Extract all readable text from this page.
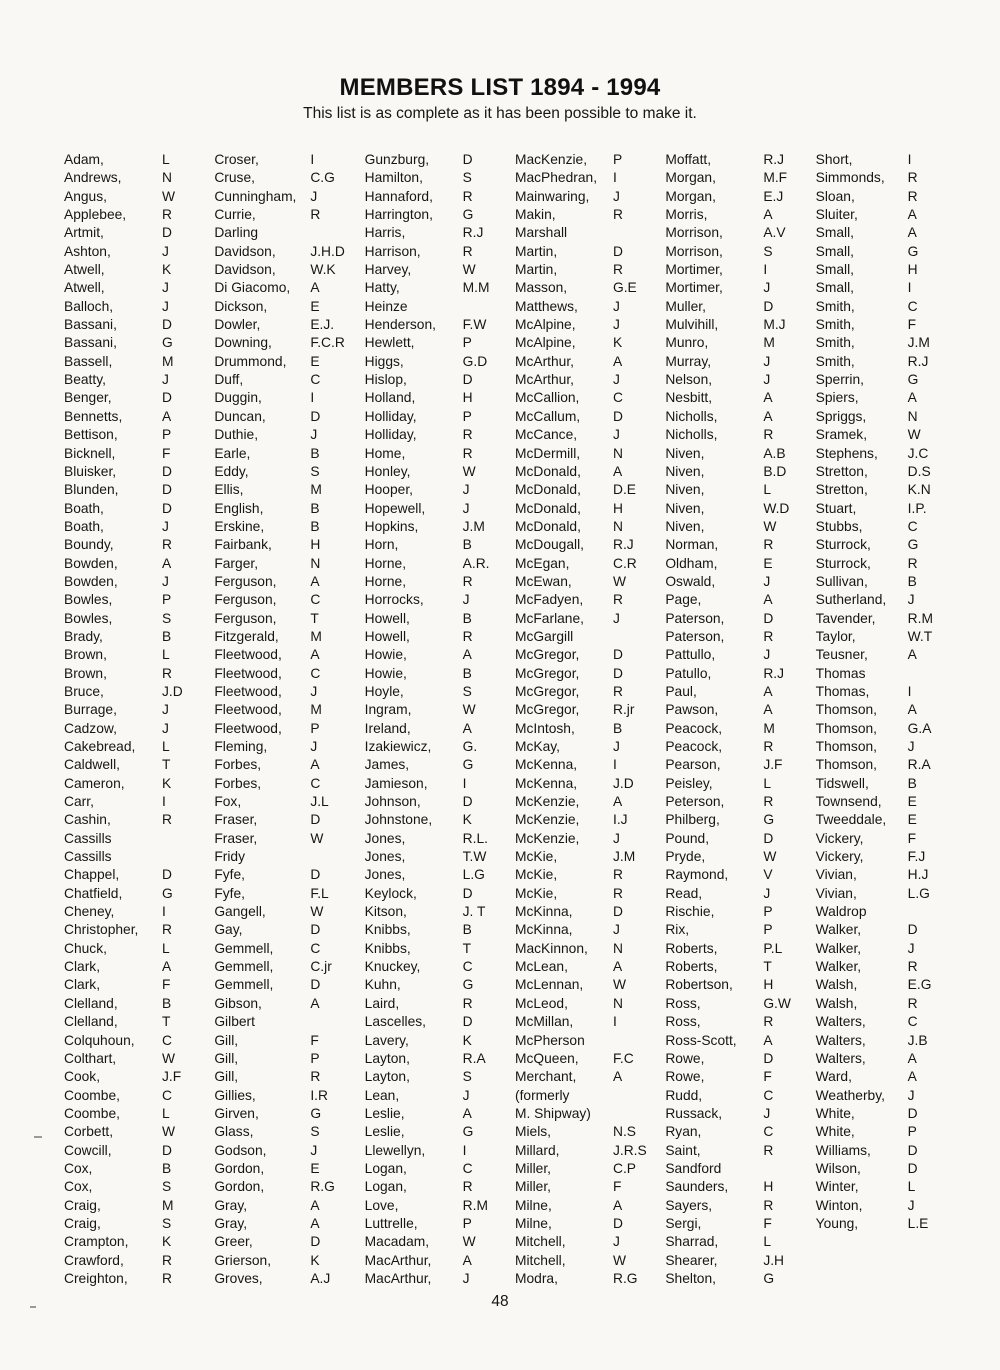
MEMBERS LIST 1894 - 1994

This list is as complete as it has been possible to make it.

Adam,	L
Andrews,	N
Angus,	W
Applebee,	R
Artmit,	D
Ashton,	J
Atwell,	K
Atwell,	J
Balloch,	J
Bassani,	D
Bassani,	G
Bassell,	M
Beatty,	J
Benger,	D
Bennetts,	A
Bettison,	P
Bicknell,	F
Bluisker,	D
Blunden,	D
Boath,	D
Boath,	J
Boundy,	R
Bowden,	A
Bowden,	J
Bowles,	P
Bowles,	S
Brady,	B
Brown,	L
Brown,	R
Bruce,	J.D
Burrage,	J
Cadzow,	J
Cakebread, L
Caldwell,	T
Cameron,	K
Carr,	I
Cashin,	R
Cassills
Cassills
Chappel,	D
Chatfield,	G
Cheney,	I
Christopher, R
Chuck,	L
Clark,	A
Clark,	F
Clelland,	B
Clelland,	T
Colquhoun, C
Colthart,	W
Cook,	J.F
Coombe,	C
Coombe,	L
Corbett,	W
Cowcill,	D
Cox,	B
Cox,	S
Craig,	M
Craig,	S
Crampton, K
Crawford,	R
Creighton, R
Croser,	I
Cruse,	C.G
Cunningham, J
Currie,	R
Darling
Davidson,	J.H.D
Davidson,	W.K
Di Giacomo, A
Dickson,	E
Dowler,	E.J.
Downing,	F.C.R
Drummond, E
Duff,	C
Duggin,	I
Duncan,	D
Duthie,	J
Earle,	B
Eddy,	S
Ellis,	M
English,	B
Erskine,	B
Fairbank,	H
Farger,	N
Ferguson, A
Ferguson, C
Ferguson, T
Fitzgerald, M
Fleetwood, A
Fleetwood, C
Fleetwood, J
Fleetwood, M
Fleetwood, P
Fleming,	J
Forbes,	A
Forbes,	C
Fox,	J.L
Fraser,	D
Fraser,	W
Fridy
Fyfe,	D
Fyfe,	F.L
Gangell,	W
Gay,	D
Gemmell,	C
Gemmell,	C.jr
Gemmell,	D
Gibson,	A
Gilbert
Gill,	F
Gill,	P
Gill,	R
Gillies,	I.R
Girven,	G
Glass,	S
Godson,	J
Gordon,	E
Gordon,	R.G
Gray,	A
Gray,	A
Greer,	D
Grierson,	K
Groves,	A.J
Gunzburg, D
Hamilton,	S
Hannaford, R
Harrington, G
Harris,	R.J
Harrison,	R
Harvey,	W
Hatty,	M.M
Heinze
Henderson, F.W
Hewlett,	P
Higgs,	G.D
Hislop,	D
Holland,	H
Holliday,	P
Holliday,	R
Home,	R
Honley,	W
Hooper,	J
Hopewell,	J
Hopkins,	J.M
Horn,	B
Horne,	A.R.
Horne,	R
Horrocks,	J
Howell,	B
Howell,	R
Howie,	A
Howie,	B
Hoyle,	S
Ingram,	W
Ireland,	A
Izakiewicz, G.
James,	G
Jamieson,	I
Johnson,	D
Johnstone, K
Jones,	R.L.
Jones,	T.W
Jones,	L.G
Keylock,	D
Kitson,	J. T
Knibbs,	B
Knibbs,	T
Knuckey,	C
Kuhn,	G
Laird,	R
Lascelles,	D
Lavery,	K
Layton,	R.A
Layton,	S
Lean,	J
Leslie,	A
Leslie,	G
Llewellyn,	I
Logan,	C
Logan,	R
Love,	R.M
Luttrelle,	P
Macadam, W
MacArthur, A
MacArthur, J
MacKenzie, P
MacPhedran, I
Mainwaring, J
Makin,	R
Marshall
Martin,	D
Martin,	R
Masson,	G.E
Matthews,	J
McAlpine,	J
McAlpine,	K
McArthur,	A
McArthur,	J
McCallion, C
McCallum, D
McCance,	J
McDermill, N
McDonald, A
McDonald, D.E
McDonald, H
McDonald, N
McDougall, R.J
McEgan,	C.R
McEwan,	W
McFadyen, R
McFarlane, J
McGargill
McGregor, D
McGregor, D
McGregor, R
McGregor, R.jr
McIntosh,	B
McKay,	J
McKenna,	I
McKenna,	J.D
McKenzie, A
McKenzie, I.J
McKenzie, J
McKie,	J.M
McKie,	R
McKie,	R
McKinna,	D
McKinna,	J
MacKinnon, N
McLean,	A
McLennan, W
McLeod,	N
McMillan,	I
McPherson
McQueen, F.C
Merchant,	A
(formerly
M. Shipway)
Miels,	N.S
Millard,	J.R.S
Miller,	C.P
Miller,	F
Milne,	A
Milne,	D
Mitchell,	J
Mitchell,	W
Modra,	R.G
Moffatt,	R.J
Morgan,	M.F
Morgan,	E.J
Morris,	A
Morrison,	A.V
Morrison,	S
Mortimer,	I
Mortimer,	J
Muller,	D
Mulvihill,	M.J
Munro,	M
Murray,	J
Nelson,	J
Nesbitt,	A
Nicholls,	A
Nicholls,	R
Niven,	A.B
Niven,	B.D
Niven,	L
Niven,	W.D
Niven,	W
Norman,	R
Oldham,	E
Oswald,	J
Page,	A
Paterson,	D
Paterson,	R
Pattullo,	J
Patullo,	R.J
Paul,	A
Pawson,	A
Peacock,	M
Peacock,	R
Pearson,	J.F
Peisley,	L
Peterson,	R
Philberg,	G
Pound,	D
Pryde,	W
Raymond,	V
Read,	J
Rischie,	P
Rix,	P
Roberts,	P.L
Roberts,	T
Robertson, H
Ross,	G.W
Ross,	R
Ross-Scott, A
Rowe,	D
Rowe,	F
Rudd,	C
Russack,	J
Ryan,	C
Saint,	R
Sandford
Saunders,	H
Sayers,	R
Sergi,	F
Sharrad,	L
Shearer,	J.H
Shelton,	G
Short,	I
Simmonds, R
Sloan,	R
Sluiter,	A
Small,	A
Small,	G
Small,	H
Small,	I
Smith,	C
Smith,	F
Smith,	J.M
Smith,	R.J
Sperrin,	G
Spiers,	A
Spriggs,	N
Sramek,	W
Stephens, J.C
Stretton,	D.S
Stretton,	K.N
Stuart,	I.P.
Stubbs,	C
Sturrock,	G
Sturrock,	R
Sullivan,	B
Sutherland, J
Tavender, R.M
Taylor,	W.T
Teusner,	A
Thomas
Thomas,	I
Thomson, A
Thomson, G.A
Thomson, J
Thomson, R.A
Tidswell,	B
Townsend, E
Tweeddale, E
Vickery,	F
Vickery,	F.J
Vivian,	H.J
Vivian,	L.G
Waldrop
Walker,	D
Walker,	J
Walker,	R
Walsh,	E.G
Walsh,	R
Walters,	C
Walters,	J.B
Walters,	A
Ward,	A
Weatherby, J
White,	D
White,	P
Williams,	D
Wilson,	D
Winter,	L
Winton,	J
Young,	L.E
48
